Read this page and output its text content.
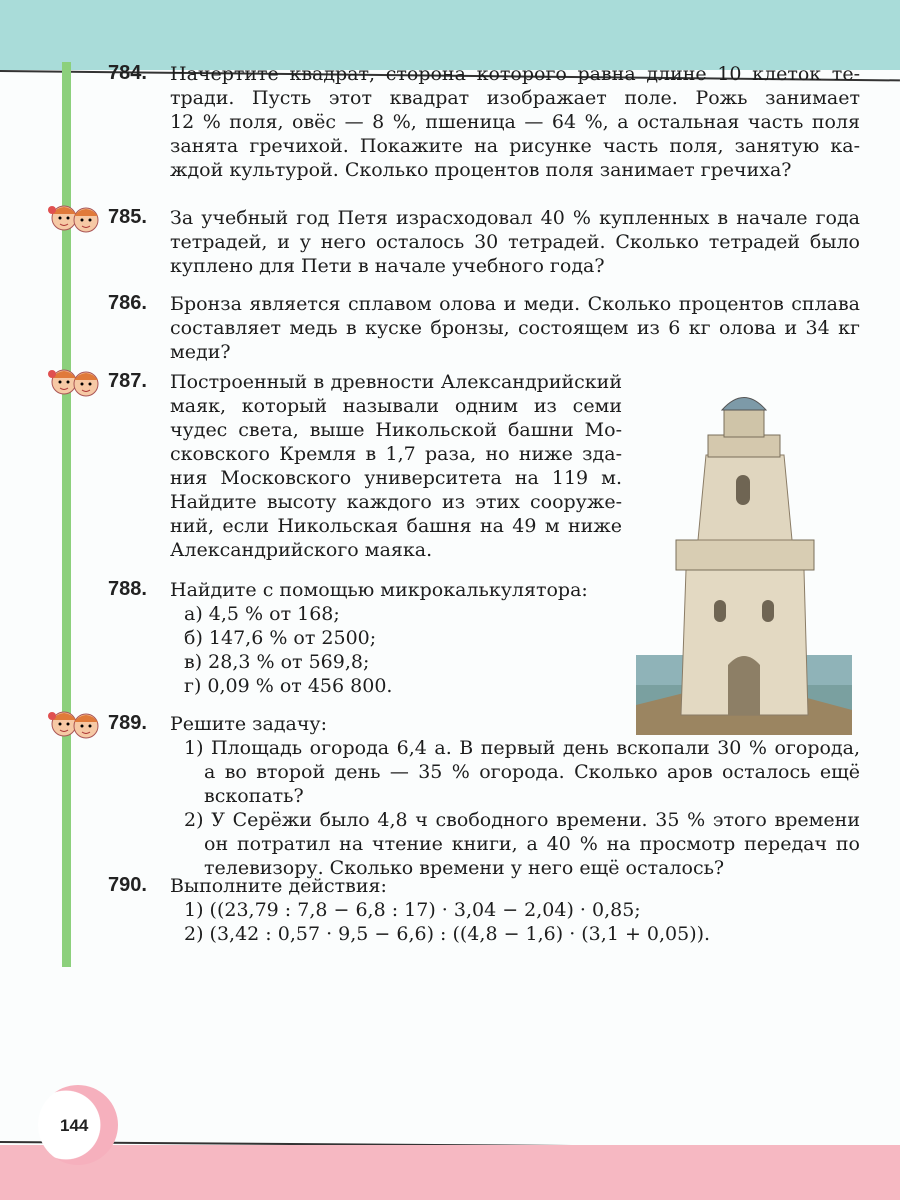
784. Начертите квадрат, сторона которого равна длине 10 клеток те-
тради. Пусть этот квадрат изображает поле. Рожь занимает
12 % поля, овёс — 8 %, пшеница — 64 %, а остальная часть поля
занята гречихой. Покажите на рисунке часть поля, занятую ка-
ждой культурой. Сколько процентов поля занимает гречиха?
785. За учебный год Петя израсходовал 40 % купленных в начале года
тетрадей, и у него осталось 30 тетрадей. Сколько тетрадей было
куплено для Пети в начале учебного года?
786. Бронза является сплавом олова и меди. Сколько процентов сплава
составляет медь в куске бронзы, состоящем из 6 кг олова и 34 кг
меди?
787. Построенный в древности Александрийский
маяк, который называли одним из семи
чудес света, выше Никольской башни Мо-
сковского Кремля в 1,7 раза, но ниже зда-
ния Московского университета на 119 м.
Найдите высоту каждого из этих сооруже-
ний, если Никольская башня на 49 м ниже
Александрийского маяка.
788. Найдите с помощью микрокалькулятора:
а) 4,5 % от 168;
б) 147,6 % от 2500;
в) 28,3 % от 569,8;
г) 0,09 % от 456 800.
789. Решите задачу:
1) Площадь огорода 6,4 а. В первый день вскопали 30 % огорода,
а во второй день — 35 % огорода. Сколько аров осталось ещё
вскопать?
2) У Серёжи было 4,8 ч свободного времени. 35 % этого времени
он потратил на чтение книги, а 40 % на просмотр передач по
телевизору. Сколько времени у него ещё осталось?
790. Выполните действия:
1) ((23,79 : 7,8 − 6,8 : 17) · 3,04 − 2,04) · 0,85;
2) (3,42 : 0,57 · 9,5 − 6,6) : ((4,8 − 1,6) · (3,1 + 0,05)).
144
